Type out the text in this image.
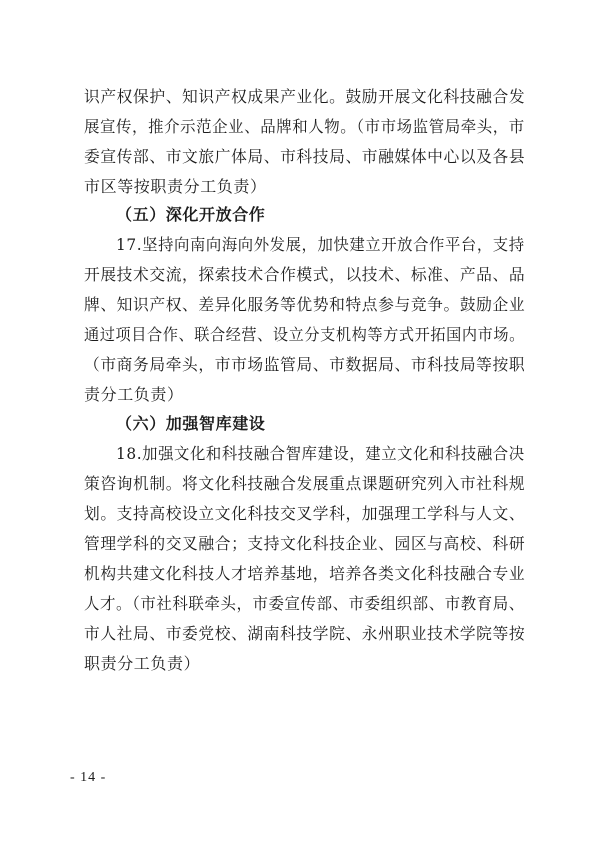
识产权保护、知识产权成果产业化。鼓励开展文化科技融合发
展宣传，推介示范企业、品牌和人物。（市市场监管局牵头，市
委宣传部、市文旅广体局、市科技局、市融媒体中心以及各县
市区等按职责分工负责）
（五）深化开放合作
17.坚持向南向海向外发展，加快建立开放合作平台，支持
开展技术交流，探索技术合作模式，以技术、标准、产品、品
牌、知识产权、差异化服务等优势和特点参与竞争。鼓励企业
通过项目合作、联合经营、设立分支机构等方式开拓国内市场。
（市商务局牵头，市市场监管局、市数据局、市科技局等按职
责分工负责）
（六）加强智库建设
18.加强文化和科技融合智库建设，建立文化和科技融合决
策咨询机制。将文化科技融合发展重点课题研究列入市社科规
划。支持高校设立文化科技交叉学科，加强理工学科与人文、
管理学科的交叉融合；支持文化科技企业、园区与高校、科研
机构共建文化科技人才培养基地，培养各类文化科技融合专业
人才。（市社科联牵头，市委宣传部、市委组织部、市教育局、
市人社局、市委党校、湖南科技学院、永州职业技术学院等按
职责分工负责）
- 14 -
